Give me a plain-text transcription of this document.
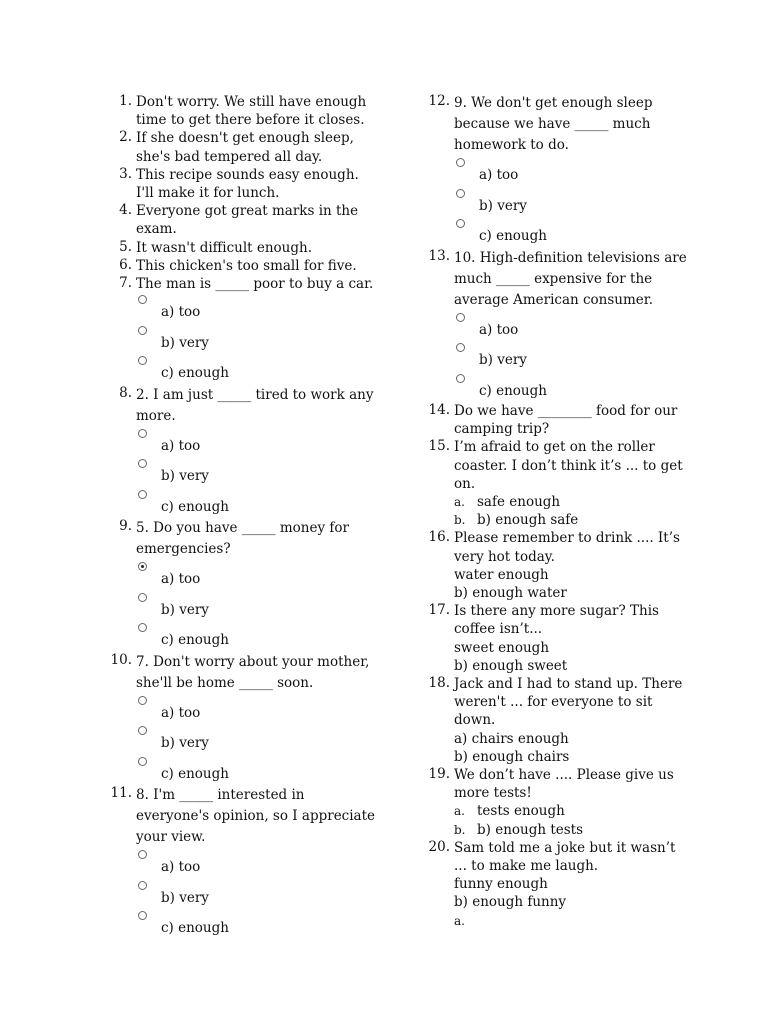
1. Don't worry. We still have enough time to get there before it closes.

2. If she doesn't get enough sleep, she's bad tempered all day.

3. This recipe sounds easy enough. I'll make it for lunch.

4. Everyone got great marks in the exam.

5. It wasn't difficult enough.

6. This chicken's too small for five.

7. The man is _____ poor to buy a car.

a) too
b) very
c) enough
8. 2. I am just _____ tired to work any more.

a) too
b) very
c) enough
9. 5. Do you have _____ money for emergencies?

a) too
b) very
c) enough
10. 7. Don't worry about your mother, she'll be home _____ soon.

a) too
b) very
c) enough
11. 8. I'm _____ interested in everyone's opinion, so I appreciate your view.

a) too
b) very
c) enough
12. 9. We don't get enough sleep because we have _____ much homework to do.

a) too
b) very
c) enough
13. 10. High-definition televisions are much _____ expensive for the average American consumer.

a) too
b) very
c) enough
14. Do we have ________ food for our camping trip?

15. I’m afraid to get on the roller coaster. I don’t think it’s ... to get on.

a. safe enough
b. b) enough safe
16. Please remember to drink .... It’s very hot today.

water enough
b) enough water
17. Is there any more sugar? This coffee isn’t...

sweet enough
b) enough sweet
18. Jack and I had to stand up. There weren't ... for everyone to sit down.

a) chairs enough
b) enough chairs
19. We don’t have .... Please give us more tests!

a. tests enough
b. b) enough tests
20. Sam told me a joke but it wasn’t ... to make me laugh.

funny enough
b) enough funny
a.
